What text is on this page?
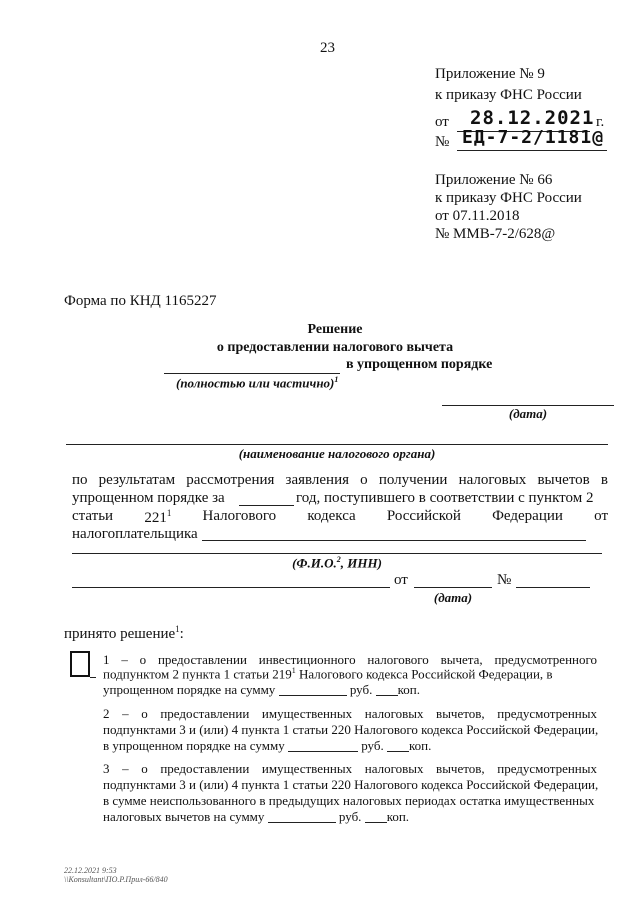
23
Приложение № 9
к приказу ФНС России
от 28.12.2021 г.
№ ЕД-7-2/1181@
Приложение № 66
к приказу ФНС России
от 07.11.2018
№ ММВ-7-2/628@
Форма по КНД 1165227
Решение
о предоставлении налогового вычета
в упрощенном порядке
(полностью или частично)$^1$
(дата)
(наименование налогового органа)
по результатам рассмотрения заявления о получении налоговых вычетов в
упрощенном порядке за	год, поступившего в соответствии с пунктом 2
статьи $221^1$ Налогового кодекса Российской Федерации от
налогоплательщика
(Ф.И.О.$^2$, ИНН)
от	№
(дата)
принято решение$^1$:
1 – о предоставлении инвестиционного налогового вычета, предусмотренного
подпунктом 2 пункта 1 статьи $219^1$ Налогового кодекса Российской Федерации, в
упрощенном порядке на сумму	руб. коп.
2 – о предоставлении имущественных налоговых вычетов, предусмотренных
подпунктами 3 и (или) 4 пункта 1 статьи 220 Налогового кодекса Российской Федерации,
в упрощенном порядке на сумму	руб. коп.
3 – о предоставлении имущественных налоговых вычетов, предусмотренных
подпунктами 3 и (или) 4 пункта 1 статьи 220 Налогового кодекса Российской Федерации,
в сумме неиспользованного в предыдущих налоговых периодах остатка имущественных
налоговых вычетов на сумму	руб. коп.
22.12.2021 9:53
\\Konsultant\ПО.Р.Прил-66/840
